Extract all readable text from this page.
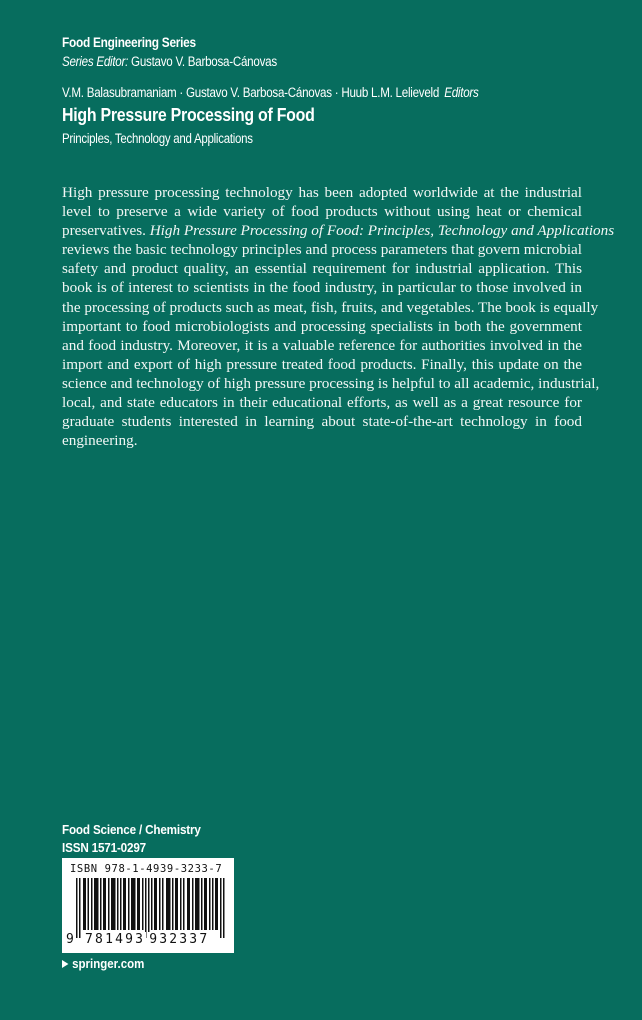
Food Engineering Series
Series Editor: Gustavo V. Barbosa-Cánovas
V.M. Balasubramaniam · Gustavo V. Barbosa-Cánovas · Huub L.M. Lelieveld Editors
High Pressure Processing of Food
Principles, Technology and Applications
High pressure processing technology has been adopted worldwide at the industrial
level to preserve a wide variety of food products without using heat or chemical
preservatives. High Pressure Processing of Food: Principles, Technology and Applications
reviews the basic technology principles and process parameters that govern microbial
safety and product quality, an essential requirement for industrial application. This
book is of interest to scientists in the food industry, in particular to those involved in
the processing of products such as meat, fish, fruits, and vegetables. The book is equally
important to food microbiologists and processing specialists in both the government
and food industry. Moreover, it is a valuable reference for authorities involved in the
import and export of high pressure treated food products. Finally, this update on the
science and technology of high pressure processing is helpful to all academic, industrial,
local, and state educators in their educational efforts, as well as a great resource for
graduate students interested in learning about state-of-the-art technology in food
engineering.
Food Science / Chemistry
ISSN 1571-0297
ISBN 978-1-4939-3233-7
9 781493 932337
springer.com
